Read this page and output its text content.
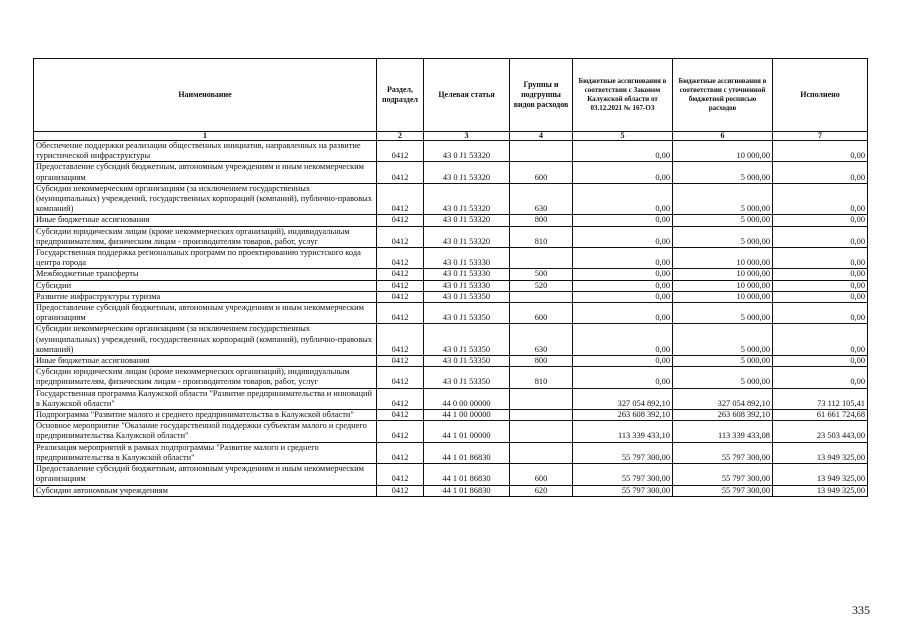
Наименование	Раздел, подраздел	Целевая статья	Группы и подгруппы видов расходов	Бюджетные ассигнования в соответствии с Законом Калужской области от 03.12.2021 № 167-ОЗ	Бюджетные ассигнования в соответствии с уточненной бюджетной росписью расходов	Исполнено
1	2	3	4	5	6	7
Обеспечение поддержки реализации общественных инициатив, направленных на развитие туристической инфраструктуры	0412	43 0 J1 53320		0,00	10 000,00	0,00
Предоставление субсидий бюджетным, автономным учреждениям и иным некоммерческим организациям	0412	43 0 J1 53320	600	0,00	5 000,00	0,00
Субсидии некоммерческим организациям (за исключением государственных (муниципальных) учреждений, государственных корпораций (компаний), публично-правовых компаний)	0412	43 0 J1 53320	630	0,00	5 000,00	0,00
Иные бюджетные ассигнования	0412	43 0 J1 53320	800	0,00	5 000,00	0,00
Субсидии юридическим лицам (кроме некоммерческих организаций), индивидуальным предпринимателям, физическим лицам - производителям товаров, работ, услуг	0412	43 0 J1 53320	810	0,00	5 000,00	0,00
Государственная поддержка региональных программ по проектированию туристского кода центра города	0412	43 0 J1 53330		0,00	10 000,00	0,00
Межбюджетные трансферты	0412	43 0 J1 53330	500	0,00	10 000,00	0,00
Субсидии	0412	43 0 J1 53330	520	0,00	10 000,00	0,00
Развитие инфраструктуры туризма	0412	43 0 J1 53350		0,00	10 000,00	0,00
Предоставление субсидий бюджетным, автономным учреждениям и иным некоммерческим организациям	0412	43 0 J1 53350	600	0,00	5 000,00	0,00
Субсидии некоммерческим организациям (за исключением государственных (муниципальных) учреждений, государственных корпораций (компаний), публично-правовых компаний)	0412	43 0 J1 53350	630	0,00	5 000,00	0,00
Иные бюджетные ассигнования	0412	43 0 J1 53350	800	0,00	5 000,00	0,00
Субсидии юридическим лицам (кроме некоммерческих организаций), индивидуальным предпринимателям, физическим лицам - производителям товаров, работ, услуг	0412	43 0 J1 53350	810	0,00	5 000,00	0,00
Государственная программа Калужской области "Развитие предпринимательства и инноваций в Калужской области"	0412	44 0 00 00000		327 054 892,10	327 054 892,10	73 112 105,41
Подпрограмма "Развитие малого и среднего предпринимательства в Калужской области"	0412	44 1 00 00000		263 608 392,10	263 608 392,10	61 661 724,68
Основное мероприятие "Оказание государственной поддержки субъектам малого и среднего предпринимательства Калужской области"	0412	44 1 01 00000		113 339 433,10	113 339 433,08	23 503 443,00
Реализация мероприятий в рамках подпрограммы "Развитие малого и среднего предпринимательства в Калужской области"	0412	44 1 01 86830		55 797 300,00	55 797 300,00	13 949 325,00
Предоставление субсидий бюджетным, автономным учреждениям и иным некоммерческим организациям	0412	44 1 01 86830	600	55 797 300,00	55 797 300,00	13 949 325,00
Субсидии автономным учреждениям	0412	44 1 01 86830	620	55 797 300,00	55 797 300,00	13 949 325,00
335
